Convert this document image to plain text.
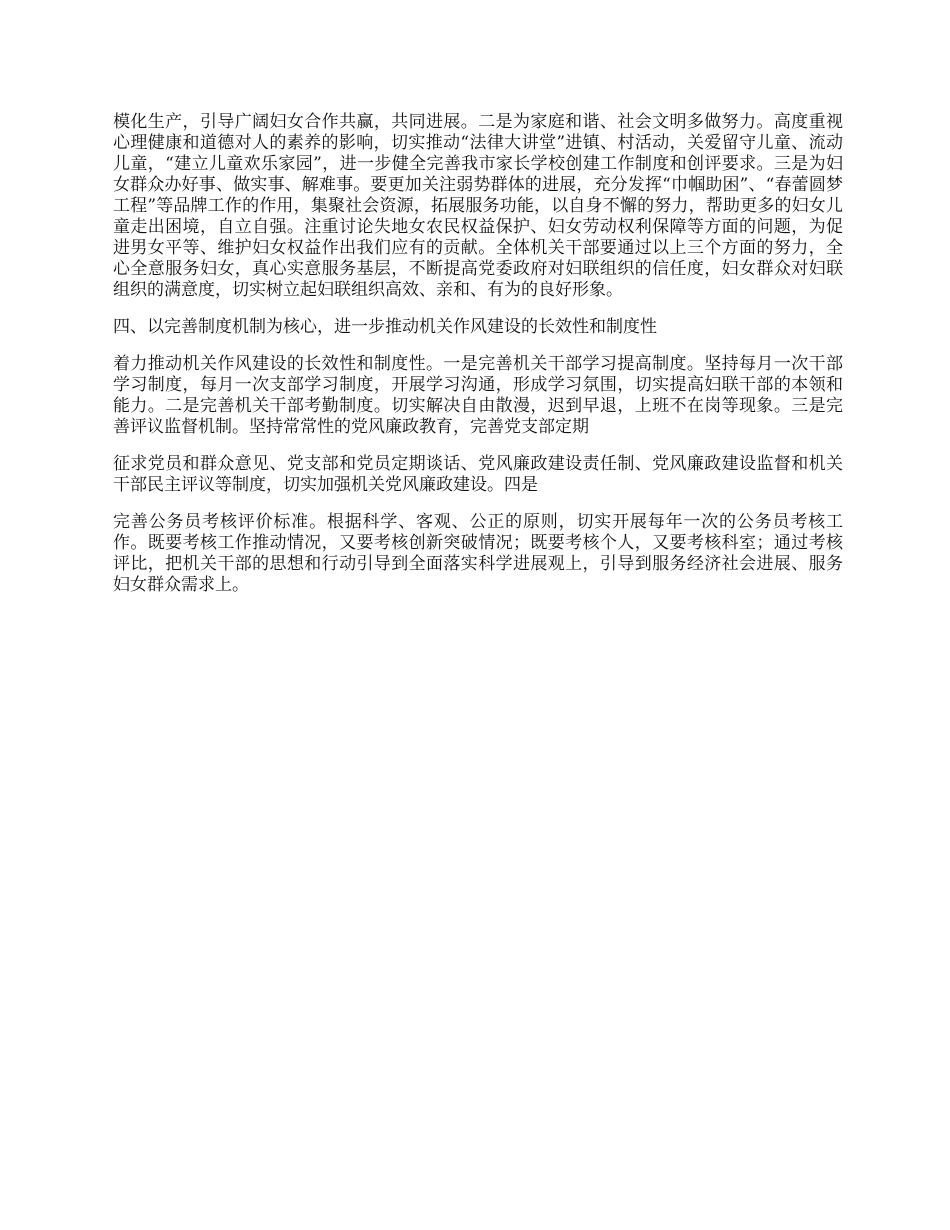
模化生产，引导广阔妇女合作共赢，共同进展。二是为家庭和谐、社会文明多做努力。高度重视心理健康和道德对人的素养的影响，切实推动“法律大讲堂”进镇、村活动，关爱留守儿童、流动儿童，“建立儿童欢乐家园”，进一步健全完善我市家长学校创建工作制度和创评要求。三是为妇女群众办好事、做实事、解难事。要更加关注弱势群体的进展，充分发挥“巾帼助困”、“春蕾圆梦工程”等品牌工作的作用，集聚社会资源，拓展服务功能，以自身不懈的努力，帮助更多的妇女儿童走出困境，自立自强。注重讨论失地女农民权益保护、妇女劳动权利保障等方面的问题，为促进男女平等、维护妇女权益作出我们应有的贡献。全体机关干部要通过以上三个方面的努力，全心全意服务妇女，真心实意服务基层，不断提高党委政府对妇联组织的信任度，妇女群众对妇联组织的满意度，切实树立起妇联组织高效、亲和、有为的良好形象。

四、以完善制度机制为核心，进一步推动机关作风建设的长效性和制度性

着力推动机关作风建设的长效性和制度性。一是完善机关干部学习提高制度。坚持每月一次干部学习制度，每月一次支部学习制度，开展学习沟通，形成学习氛围，切实提高妇联干部的本领和能力。二是完善机关干部考勤制度。切实解决自由散漫，迟到早退，上班不在岗等现象。三是完善评议监督机制。坚持常常性的党风廉政教育，完善党支部定期

征求党员和群众意见、党支部和党员定期谈话、党风廉政建设责任制、党风廉政建设监督和机关干部民主评议等制度，切实加强机关党风廉政建设。四是

完善公务员考核评价标准。根据科学、客观、公正的原则，切实开展每年一次的公务员考核工作。既要考核工作推动情况，又要考核创新突破情况；既要考核个人，又要考核科室；通过考核评比，把机关干部的思想和行动引导到全面落实科学进展观上，引导到服务经济社会进展、服务妇女群众需求上。
